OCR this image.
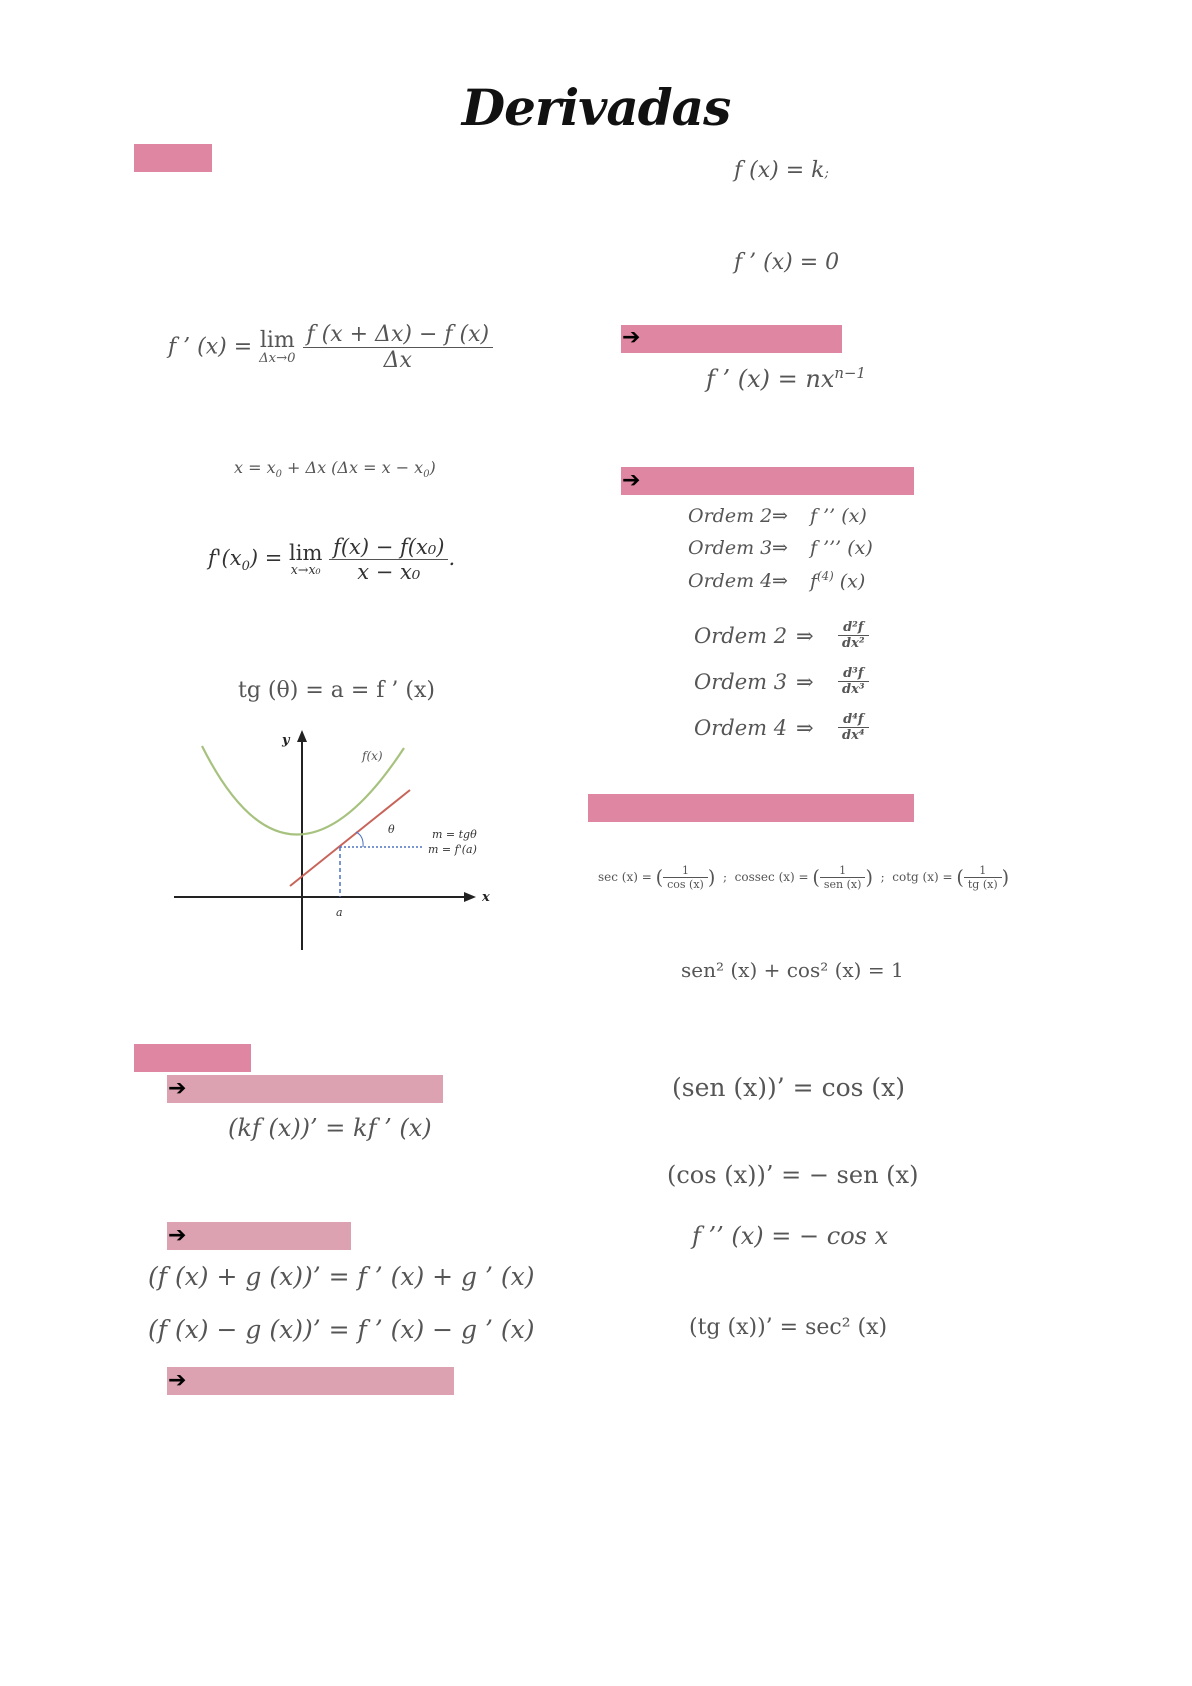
Derivadas
➔
➔
➔
➔
➔
f ’ (x) = lim
Δx→0
$\frac{f (x + \Delta x) - f (x)}{\Delta x}$
$x = x_0 + \Delta x$ $(\Delta x = x - x_0)$
$f'(x_0) = \lim$
x→x₀
$\frac{\text{f(x) − f(x₀)}}{\text{x − x₀}}$ .
tg (θ) = a = f ’ (x)
y
x
f(x)
θ	m = tgθ
m = f'(a)
a
(kf (x))’ = kf ’ (x)
(f (x) + g (x))’ = f ’ (x) + g ’ (x)
(f (x) − g (x))’ = f ’ (x) − g ’ (x)
f (x) = k;
f ’ (x) = 0
f ’ $(x) = nx^{n-1}$
Ordem 2⇒ f ’’ (x)
Ordem 3⇒ f ’’’ (x)
Ordem 4⇒ $f^{(4)}$ (x)
Ordem 2 ⇒ $\frac{\text{d²f}}{\text{dx²}}$
Ordem 3 ⇒ $\frac{\text{d³f}}{\text{dx³}}$
Ordem 4 ⇒ $\frac{\text{d⁴f}}{\text{dx⁴}}$
sec (x) = ( $\frac{1}{\cos (x)}$ ) ; cossec (x) = ( $\frac{1}{\text{sen (x)}}$ ) ; cotg (x) = ( $\frac{1}{tg (x)}$ )
sen² (x) + cos² (x) = 1
(sen (x))’ = cos (x)
(cos (x))’ = − sen (x)
f ’’ (x) = − cos x
(tg (x))’ = sec² (x)
